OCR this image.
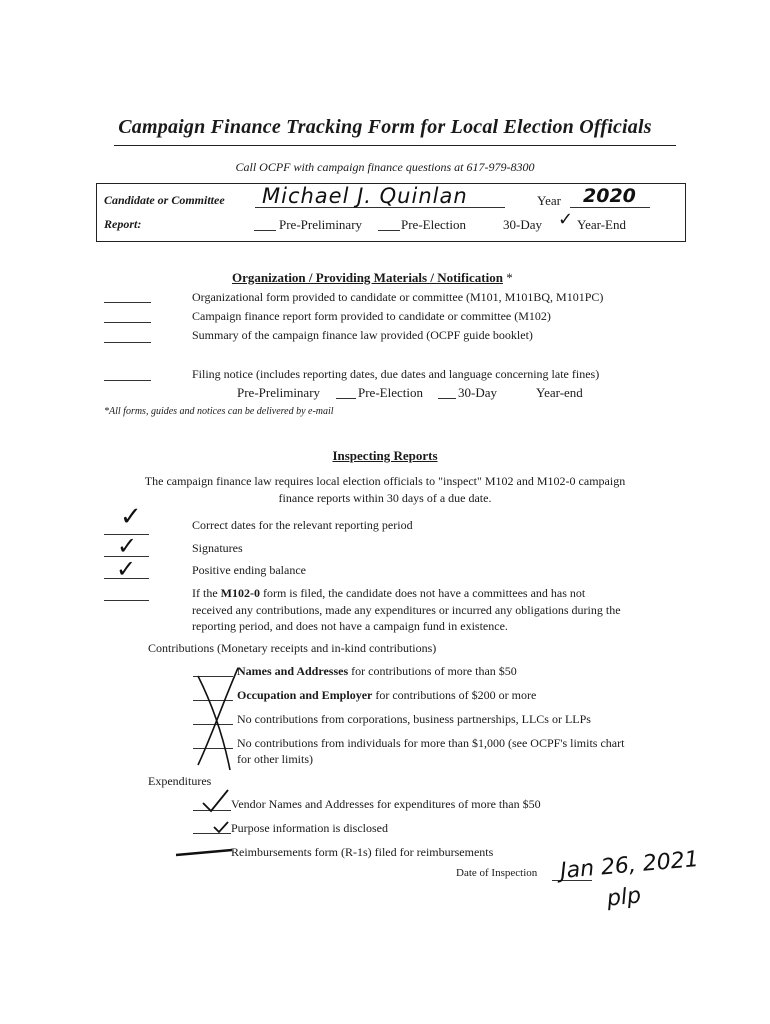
Campaign Finance Tracking Form for Local Election Officials
Call OCPF with campaign finance questions at 617-979-8300
Candidate or Committee Michael J. Quinlan	Year 2020
Report:	Pre-Preliminary	Pre-Election	30-Day ✓ Year-End
Organization / Providing Materials / Notification *
Organizational form provided to candidate or committee (M101, M101BQ, M101PC)
Campaign finance report form provided to candidate or committee (M102)
Summary of the campaign finance law provided (OCPF guide booklet)
Filing notice (includes reporting dates, due dates and language concerning late fines)
Pre-Preliminary	Pre-Election	30-Day	Year-end
*All forms, guides and notices can be delivered by e-mail
Inspecting Reports
The campaign finance law requires local election officials to "inspect" M102 and M102-0 campaign
finance reports within 30 days of a due date.
✓	Correct dates for the relevant reporting period
✓	Signatures
✓	Positive ending balance
If the M102-0 form is filed, the candidate does not have a committees and has not
received any contributions, made any expenditures or incurred any obligations during the
reporting period, and does not have a campaign fund in existence.
Contributions (Monetary receipts and in-kind contributions)
Names and Addresses for contributions of more than $50
Occupation and Employer for contributions of $200 or more
No contributions from corporations, business partnerships, LLCs or LLPs
No contributions from individuals for more than $1,000 (see OCPF's limits chart
for other limits)
Expenditures
Vendor Names and Addresses for expenditures of more than $50
Purpose information is disclosed
Reimbursements form (R-1s) filed for reimbursements
Date of Inspection Jan 26, 2021
plp
